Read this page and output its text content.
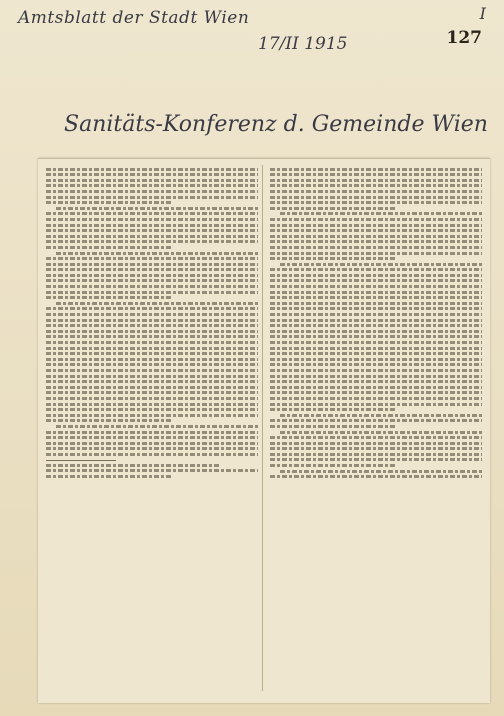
Amtsblatt der Stadt Wien	I
17/II 1915	127
Sanitäts-Konferenz d. Gemeinde Wien
